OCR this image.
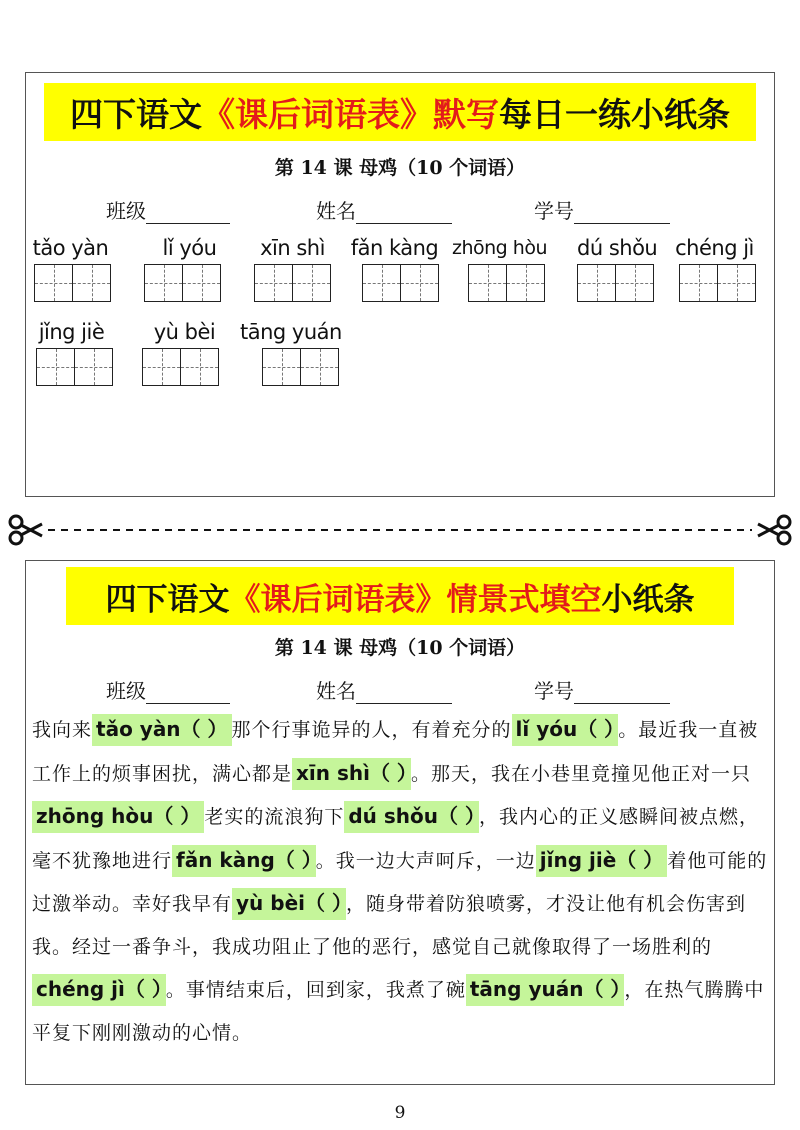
四下语文 《课后词语表》默写 每日一练小纸条
第 14 课 母鸡（10 个词语）
班级	姓名	学号
tǎo yàn	lǐ yóu xīn shì fǎn kàng zhōng hòu dú shǒu chéng jì
jǐng jiè	yù bèi tāng yuán
四下语文 《课后词语表》情景式填空 小纸条
第 14 课 母鸡（10 个词语）
班级	姓名	学号
我向来 tǎo yàn（ ） 那个行事诡异的人，有着充分的 lǐ yóu（ ） 。最近我一直被工作上的烦事困扰，满心都是 xīn shì（ ） 。那天，我在小巷里竟撞见他正对一只zhōng hòu（ ） 老实的流浪狗下 dú shǒu（ ） ，我内心的正义感瞬间被点燃，毫不犹豫地进行 fǎn kàng（ ） 。我一边大声呵斥，一边 jǐng jiè（ ） 着他可能的过激举动。幸好我早有 yù bèi（ ） ，随身带着防狼喷雾，才没让他有机会伤害到我。经过一番争斗，我成功阻止了他的恶行，感觉自己就像取得了一场胜利的chéng jì（ ） 。事情结束后，回到家，我煮了碗 tāng yuán（ ） ，在热气腾腾中平复下刚刚激动的心情。
9
